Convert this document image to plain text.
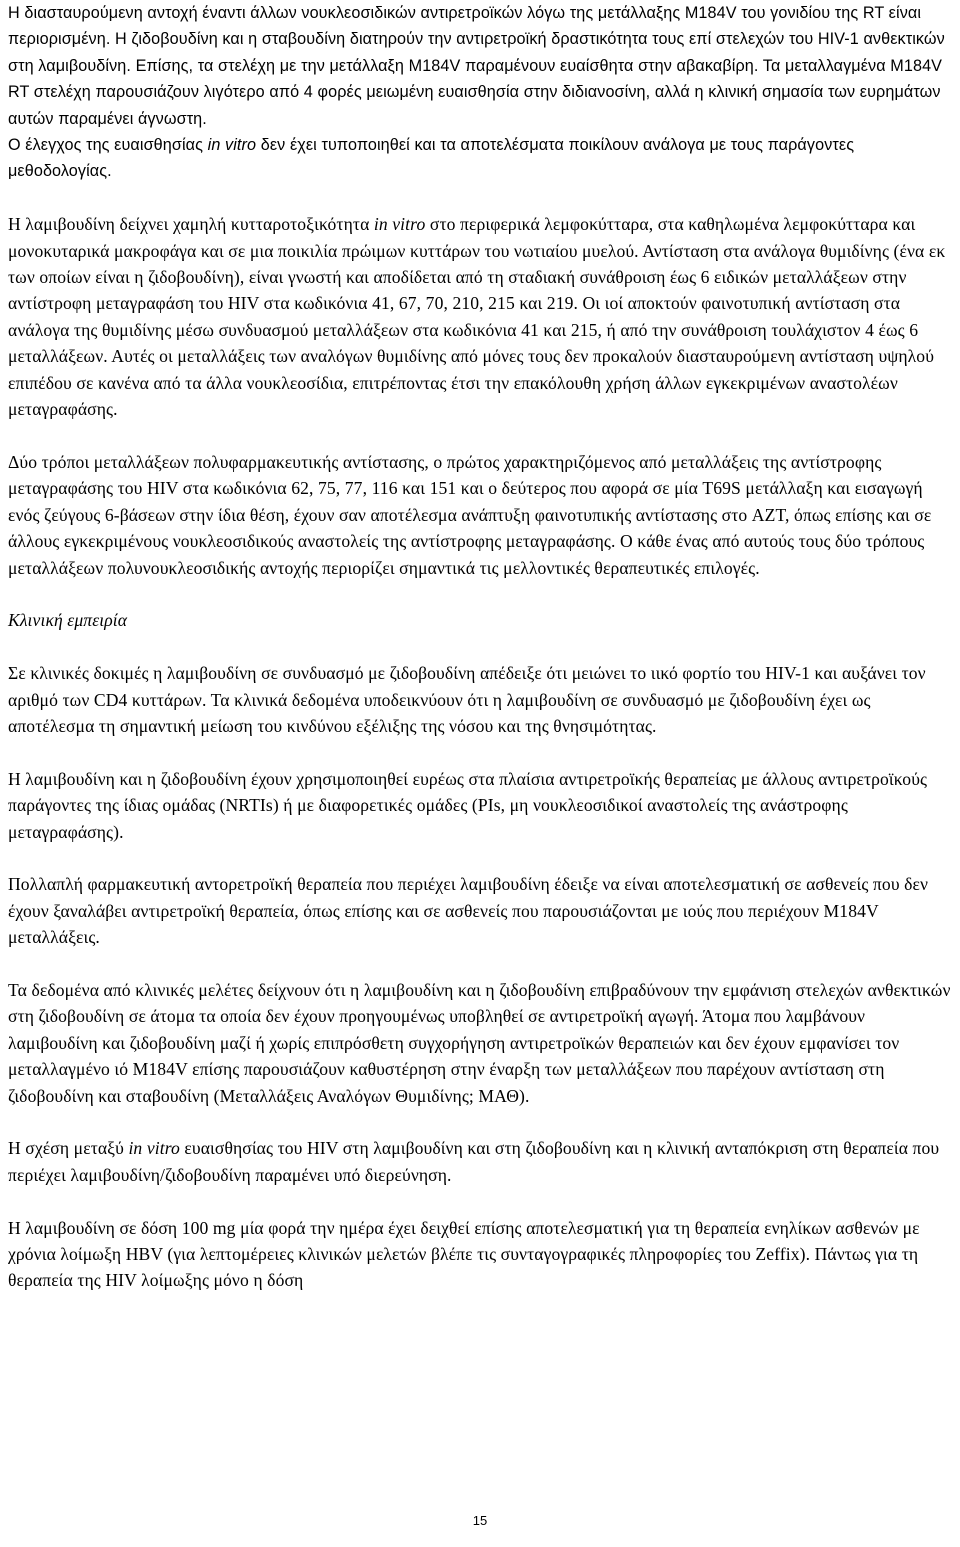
Η διασταυρούμενη αντοχή έναντι άλλων νουκλεοσιδικών αντιρετροϊκών λόγω της μετάλλαξης M184V του γονιδίου της RT είναι περιορισμένη. Η ζιδοβουδίνη και η σταβουδίνη διατηρούν την αντιρετροϊκή δραστικότητα τους επί στελεχών του HIV-1 ανθεκτικών στη λαμιβουδίνη. Επίσης, τα στελέχη με την μετάλλαξη M184V παραμένουν ευαίσθητα στην αβακαβίρη. Τα μεταλλαγμένα M184V RT στελέχη παρουσιάζουν λιγότερο από 4 φορές μειωμένη ευαισθησία στην διδιανοσίνη, αλλά η κλινική σημασία των ευρημάτων αυτών παραμένει άγνωστη.

Ο έλεγχος της ευαισθησίας in vitro δεν έχει τυποποιηθεί και τα αποτελέσματα ποικίλουν ανάλογα με τους παράγοντες μεθοδολογίας.

Η λαμιβουδίνη δείχνει χαμηλή κυτταροτοξικότητα in vitro στο περιφερικά λεμφοκύτταρα, στα καθηλωμένα λεμφοκύτταρα και μονοκυταρικά μακροφάγα και σε μια ποικιλία πρώιμων κυττάρων του νωτιαίου μυελού. Αντίσταση στα ανάλογα θυμιδίνης (ένα εκ των οποίων είναι η ζιδοβουδίνη), είναι γνωστή και αποδίδεται από τη σταδιακή συνάθροιση έως 6 ειδικών μεταλλάξεων στην αντίστροφη μεταγραφάση του HIV στα κωδικόνια 41, 67, 70, 210, 215 και 219. Οι ιοί αποκτούν φαινοτυπική αντίσταση στα ανάλογα της θυμιδίνης μέσω συνδυασμού μεταλλάξεων στα κωδικόνια 41 και 215, ή από την συνάθροιση τουλάχιστον 4 έως 6 μεταλλάξεων. Αυτές οι μεταλλάξεις των αναλόγων θυμιδίνης από μόνες τους δεν προκαλούν διασταυρούμενη αντίσταση υψηλού επιπέδου σε κανένα από τα άλλα νουκλεοσίδια, επιτρέποντας έτσι την επακόλουθη χρήση άλλων εγκεκριμένων αναστολέων μεταγραφάσης.

Δύο τρόποι μεταλλάξεων πολυφαρμακευτικής αντίστασης, ο πρώτος χαρακτηριζόμενος από μεταλλάξεις της αντίστροφης μεταγραφάσης του HIV στα κωδικόνια 62, 75, 77, 116 και 151 και ο δεύτερος που αφορά σε μία T69S μετάλλαξη και εισαγωγή ενός ζεύγους 6-βάσεων στην ίδια θέση, έχουν σαν αποτέλεσμα ανάπτυξη φαινοτυπικής αντίστασης στο AZT, όπως επίσης και σε άλλους εγκεκριμένους νουκλεοσιδικούς αναστολείς της αντίστροφης μεταγραφάσης. Ο κάθε ένας από αυτούς τους δύο τρόπους μεταλλάξεων πολυνουκλεοσιδικής αντοχής περιορίζει σημαντικά τις μελλοντικές θεραπευτικές επιλογές.

Κλινική εμπειρία

Σε κλινικές δοκιμές η λαμιβουδίνη σε συνδυασμό με ζιδοβουδίνη απέδειξε ότι μειώνει το ιικό φορτίο του HIV-1 και αυξάνει τον αριθμό των CD4 κυττάρων. Τα κλινικά δεδομένα υποδεικνύουν ότι η λαμιβουδίνη σε συνδυασμό με ζιδοβουδίνη έχει ως αποτέλεσμα τη σημαντική μείωση του κινδύνου εξέλιξης της νόσου και της θνησιμότητας.

Η λαμιβουδίνη και η ζιδοβουδίνη έχουν χρησιμοποιηθεί ευρέως στα πλαίσια αντιρετροϊκής θεραπείας με άλλους αντιρετροϊκούς παράγοντες της ίδιας ομάδας (NRTIs) ή με διαφορετικές ομάδες (PIs, μη νουκλεοσιδικοί αναστολείς της ανάστροφης μεταγραφάσης).

Πολλαπλή φαρμακευτική αντορετροϊκή θεραπεία που περιέχει λαμιβουδίνη έδειξε να είναι αποτελεσματική σε ασθενείς που δεν έχουν ξαναλάβει αντιρετροϊκή θεραπεία, όπως επίσης και σε ασθενείς που παρουσιάζονται με ιούς που περιέχουν M184V μεταλλάξεις.

Τα δεδομένα από κλινικές μελέτες δείχνουν ότι η λαμιβουδίνη και η ζιδοβουδίνη επιβραδύνουν την εμφάνιση στελεχών ανθεκτικών στη ζιδοβουδίνη σε άτομα τα οποία δεν έχουν προηγουμένως υποβληθεί σε αντιρετροϊκή αγωγή. Άτομα που λαμβάνουν λαμιβουδίνη και ζιδοβουδίνη μαζί ή χωρίς επιπρόσθετη συγχορήγηση αντιρετροϊκών θεραπειών και δεν έχουν εμφανίσει τον μεταλλαγμένο ιό M184V επίσης παρουσιάζουν καθυστέρηση στην έναρξη των μεταλλάξεων που παρέχουν αντίσταση στη ζιδοβουδίνη και σταβουδίνη (Μεταλλάξεις Αναλόγων Θυμιδίνης; ΜΑΘ).

Η σχέση μεταξύ in vitro ευαισθησίας του HIV στη λαμιβουδίνη και στη ζιδοβουδίνη και η κλινική ανταπόκριση στη θεραπεία που περιέχει λαμιβουδίνη/ζιδοβουδίνη παραμένει υπό διερεύνηση.

Η λαμιβουδίνη σε δόση 100 mg μία φορά την ημέρα έχει δειχθεί επίσης αποτελεσματική για τη θεραπεία ενηλίκων ασθενών με χρόνια λοίμωξη HBV (για λεπτομέρειες κλινικών μελετών βλέπε τις συνταγογραφικές πληροφορίες του Zeffix). Πάντως για τη θεραπεία της HIV λοίμωξης μόνο η δόση

15
